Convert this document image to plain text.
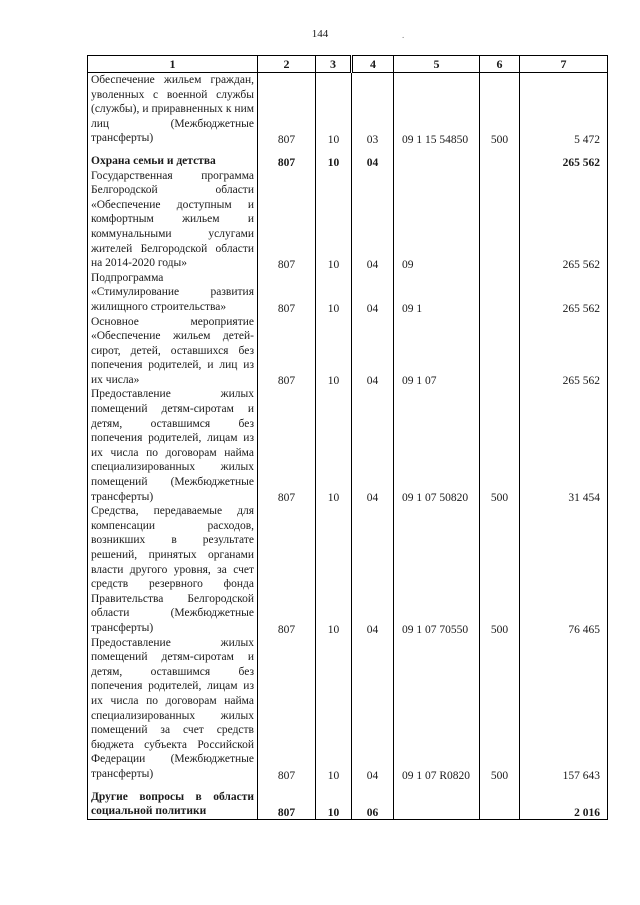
144	.
1	2	3	4	5	6	7
Обеспечение жильем граждан, уволенных с военной службы (службы), и приравненных к ним лиц (Межбюджетные трансферты)	807	10	03	09 1 15 54850	500	5 472
Охрана семьи и детства	807	10	04			265 562
Государственная программа Белгородской области «Обеспечение доступным и комфортным жильем и коммунальными услугами жителей Белгородской области на 2014-2020 годы»	807	10	04	09		265 562
Подпрограмма «Стимулирование развития жилищного строительства»	807	10	04	09 1		265 562
Основное мероприятие «Обеспечение жильем детей-сирот, детей, оставшихся без попечения родителей, и лиц из их числа»	807	10	04	09 1 07		265 562
Предоставление жилых помещений детям-сиротам и детям, оставшимся без попечения родителей, лицам из их числа по договорам найма специализированных жилых помещений (Межбюджетные трансферты)	807	10	04	09 1 07 50820	500	31 454
Средства, передаваемые для компенсации расходов, возникших в результате решений, принятых органами власти другого уровня, за счет средств резервного фонда Правительства Белгородской области (Межбюджетные трансферты)	807	10	04	09 1 07 70550	500	76 465
Предоставление жилых помещений детям-сиротам и детям, оставшимся без попечения родителей, лицам из их числа по договорам найма специализированных жилых помещений за счет средств бюджета субъекта Российской Федерации (Межбюджетные трансферты)	807	10	04	09 1 07 R0820	500	157 643
Другие вопросы в области социальной политики	807	10	06			2 016
